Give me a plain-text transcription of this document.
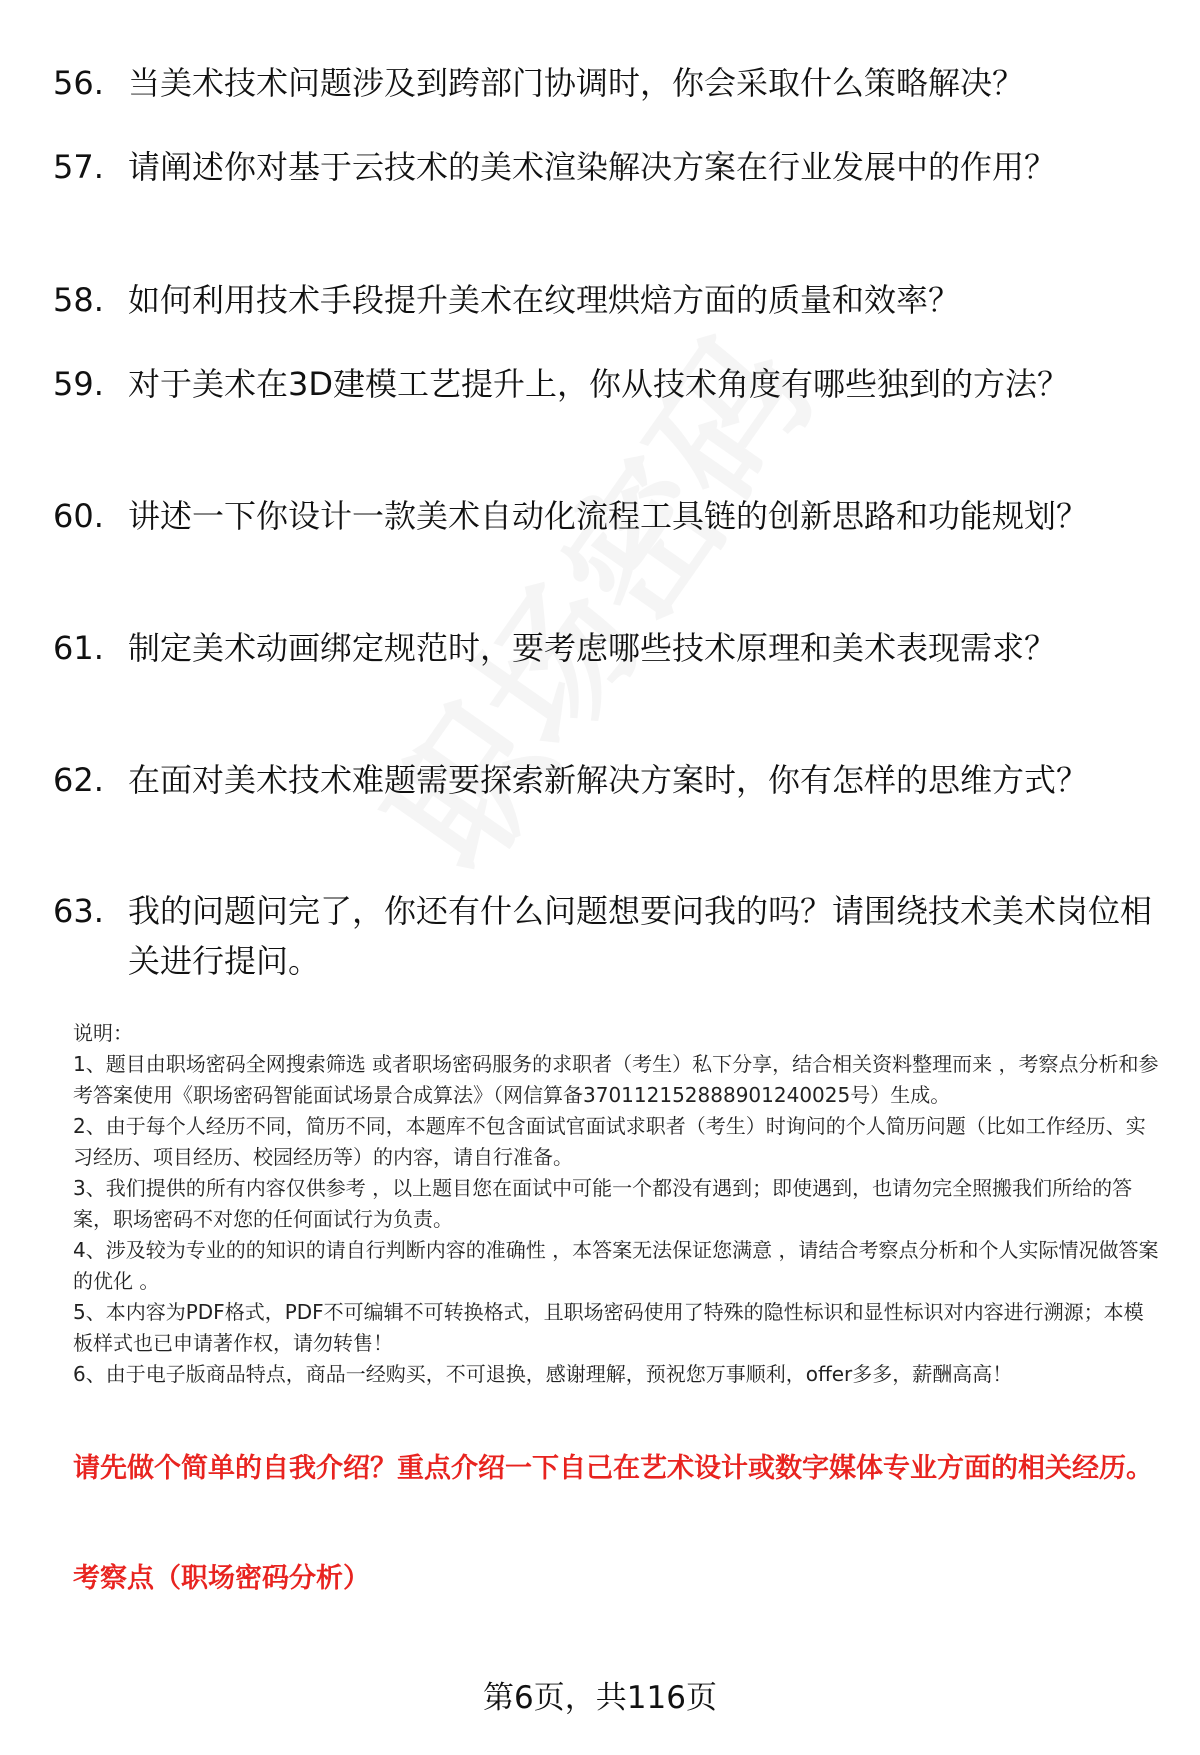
56. 当美术技术问题涉及到跨部门协调时，你会采取什么策略解决？
57. 请阐述你对基于云技术的美术渲染解决方案在行业发展中的作用？
58. 如何利用技术手段提升美术在纹理烘焙方面的质量和效率？
59. 对于美术在3D建模工艺提升上，你从技术角度有哪些独到的方法？
60. 讲述一下你设计一款美术自动化流程工具链的创新思路和功能规划？
61. 制定美术动画绑定规范时，要考虑哪些技术原理和美术表现需求？
62. 在面对美术技术难题需要探索新解决方案时，你有怎样的思维方式？
63. 我的问题问完了，你还有什么问题想要问我的吗？请围绕技术美术岗位相关进行提问。

说明：

1、题目由职场密码全网搜索筛选 或者职场密码服务的求职者（考生）私下分享，结合相关资料整理而来 ，考察点分析和参考答案使用《职场密码智能面试场景合成算法》（网信算备370112152888901240025号）生成。

2、由于每个人经历不同，简历不同，本题库不包含面试官面试求职者（考生）时询问的个人简历问题（比如工作经历、实习经历、项目经历、校园经历等）的内容，请自行准备。

3、我们提供的所有内容仅供参考 ，以上题目您在面试中可能一个都没有遇到；即使遇到，也请勿完全照搬我们所给的答案，职场密码不对您的任何面试行为负责。

4、涉及较为专业的的知识的请自行判断内容的准确性 ，本答案无法保证您满意 ，请结合考察点分析和个人实际情况做答案的优化 。

5、本内容为PDF格式，PDF不可编辑不可转换格式，且职场密码使用了特殊的隐性标识和显性标识对内容进行溯源；本模板样式也已申请著作权，请勿转售！

6、由于电子版商品特点，商品一经购买，不可退换，感谢理解，预祝您万事顺利，offer多多，薪酬高高！

请先做个简单的自我介绍？重点介绍一下自己在艺术设计或数字媒体专业方面的相关经历。
考察点（职场密码分析）
第6页，共116页
